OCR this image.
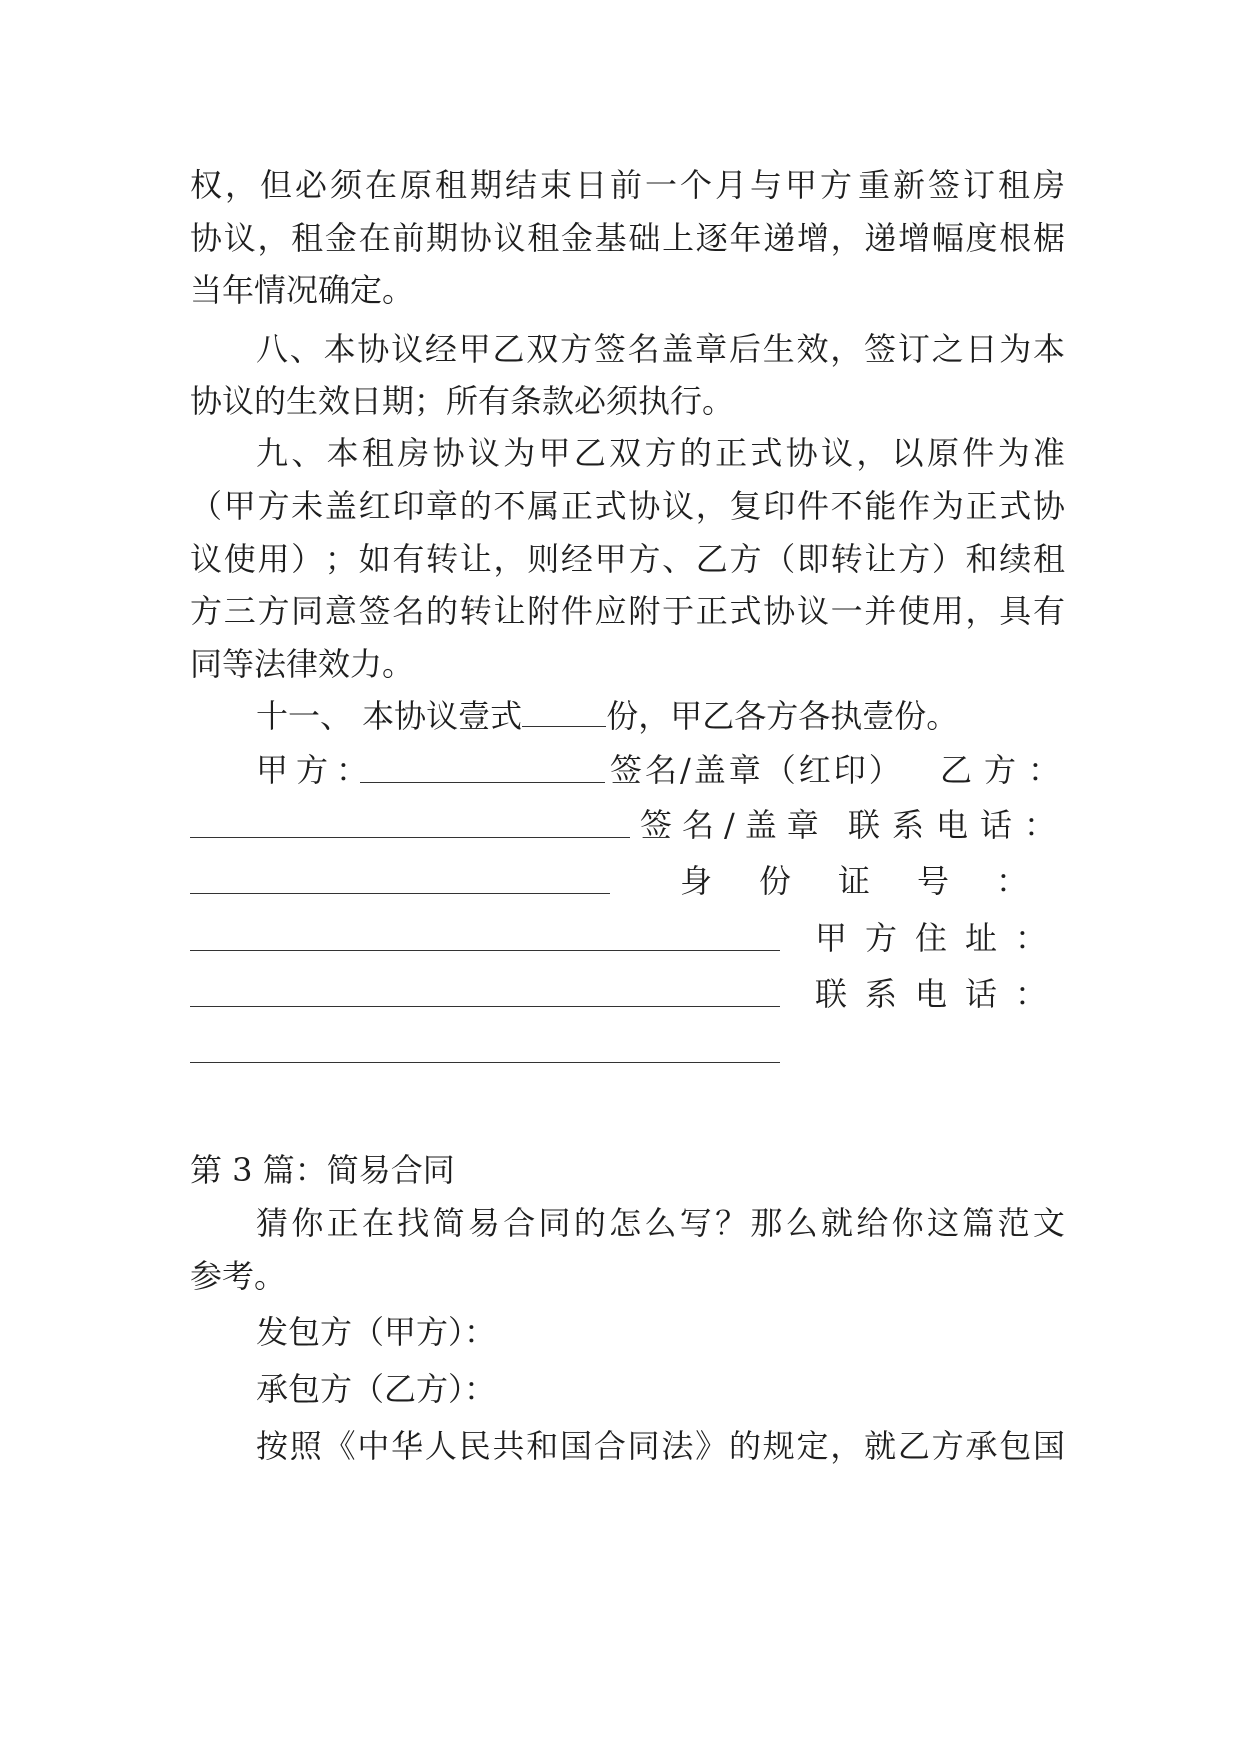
权 ， 但 必 须 在 原 租 期 结 束 日 前 一 个 月 与 甲 方 重 新 签 订 租 房
协 议 ， 租 金 在 前 期 协 议 租 金 基 础 上 逐 年 递 增 ， 递 增 幅 度 根 椐
当年情况确定。
八 、 本 协 议 经 甲 乙 双 方 签 名 盖 章 后 生 效 ， 签 订 之 日 为 本
协议的生效日期；所有条款必须执行。
九 、 本 租 房 协 议 为 甲 乙 双 方 的 正 式 协 议 ， 以 原 件 为 准
（ 甲 方 未 盖 红 印 章 的 不 属 正 式 协 议 ， 复 印 件 不 能 作 为 正 式 协
议 使 用 ） ； 如 有 转 让 ， 则 经 甲 方 、 乙 方 （ 即 转 让 方 ） 和 续 租
方 三 方 同 意 签 名 的 转 让 附 件 应 附 于 正 式 协 议 一 并 使 用 ， 具 有
同等法律效力。
十一、 本协议壹式	份，甲乙各方各执壹份。
甲方：	签名/盖章（红印） 乙方：
签名/盖章 联系电话：
身份证号：
甲方住址：
联系电话：
第 3 篇：简易合同
猜 你 正 在 找 简 易 合 同 的 怎 么 写 ？ 那 么 就 给 你 这 篇 范 文
参考。
发包方（甲方）：
承包方（乙方）：
按 照 《 中 华 人 民 共 和 国 合 同 法 》 的 规 定 ， 就 乙 方 承 包 国
